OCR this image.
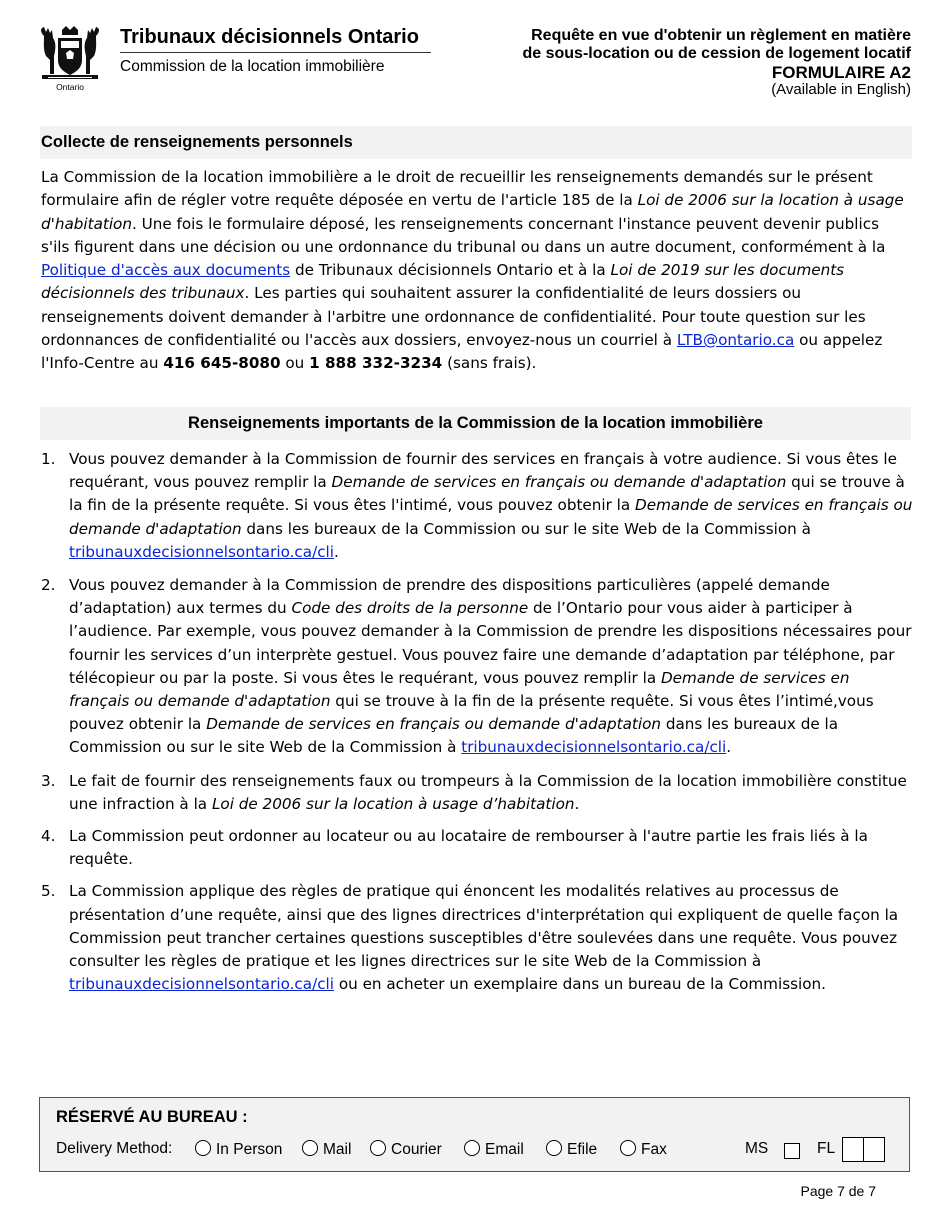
Ontario
Tribunaux décisionnels Ontario
Commission de la location immobilière
Requête en vue d'obtenir un règlement en matière
de sous-location ou de cession de logement locatif
FORMULAIRE A2
(Available in English)
Collecte de renseignements personnels
La Commission de la location immobilière a le droit de recueillir les renseignements demandés sur le présent formulaire afin de régler votre requête déposée en vertu de l'article 185 de la Loi de 2006 sur la location à usage d'habitation. Une fois le formulaire déposé, les renseignements concernant l'instance peuvent devenir publics s'ils figurent dans une décision ou une ordonnance du tribunal ou dans un autre document, conformément à la Politique d'accès aux documents de Tribunaux décisionnels Ontario et à la Loi de 2019 sur les documents décisionnels des tribunaux. Les parties qui souhaitent assurer la confidentialité de leurs dossiers ou renseignements doivent demander à l'arbitre une ordonnance de confidentialité. Pour toute question sur les ordonnances de confidentialité ou l'accès aux dossiers, envoyez-nous un courriel à LTB@ontario.ca ou appelez l'Info-Centre au 416 645-8080 ou 1 888 332-3234 (sans frais).
Renseignements importants de la Commission de la location immobilière
1. Vous pouvez demander à la Commission de fournir des services en français à votre audience. Si vous êtes le requérant, vous pouvez remplir la Demande de services en français ou demande d'adaptation qui se trouve à la fin de la présente requête. Si vous êtes l'intimé, vous pouvez obtenir la Demande de services en français ou demande d'adaptation dans les bureaux de la Commission ou sur le site Web de la Commission à tribunauxdecisionnelsontario.ca/cli.
2. Vous pouvez demander à la Commission de prendre des dispositions particulières (appelé demande d’adaptation) aux termes du Code des droits de la personne de l’Ontario pour vous aider à participer à l’audience. Par exemple, vous pouvez demander à la Commission de prendre les dispositions nécessaires pour fournir les services d’un interprète gestuel. Vous pouvez faire une demande d’adaptation par téléphone, par télécopieur ou par la poste. Si vous êtes le requérant, vous pouvez remplir la Demande de services en français ou demande d'adaptation qui se trouve à la fin de la présente requête. Si vous êtes l’intimé,vous pouvez obtenir la Demande de services en français ou demande d'adaptation dans les bureaux de la Commission ou sur le site Web de la Commission à tribunauxdecisionnelsontario.ca/cli.
3. Le fait de fournir des renseignements faux ou trompeurs à la Commission de la location immobilière constitue une infraction à la Loi de 2006 sur la location à usage d’habitation.
4. La Commission peut ordonner au locateur ou au locataire de rembourser à l'autre partie les frais liés à la requête.
5. La Commission applique des règles de pratique qui énoncent les modalités relatives au processus de présentation d’une requête, ainsi que des lignes directrices d'interprétation qui expliquent de quelle façon la Commission peut trancher certaines questions susceptibles d'être soulevées dans une requête. Vous pouvez consulter les règles de pratique et les lignes directrices sur le site Web de la Commission à tribunauxdecisionnelsontario.ca/cli ou en acheter un exemplaire dans un bureau de la Commission.
RÉSERVÉ AU BUREAU :
Delivery Method:	In Person	Mail	Courier	Email	Efile	Fax	MS	FL
Page 7 de 7
